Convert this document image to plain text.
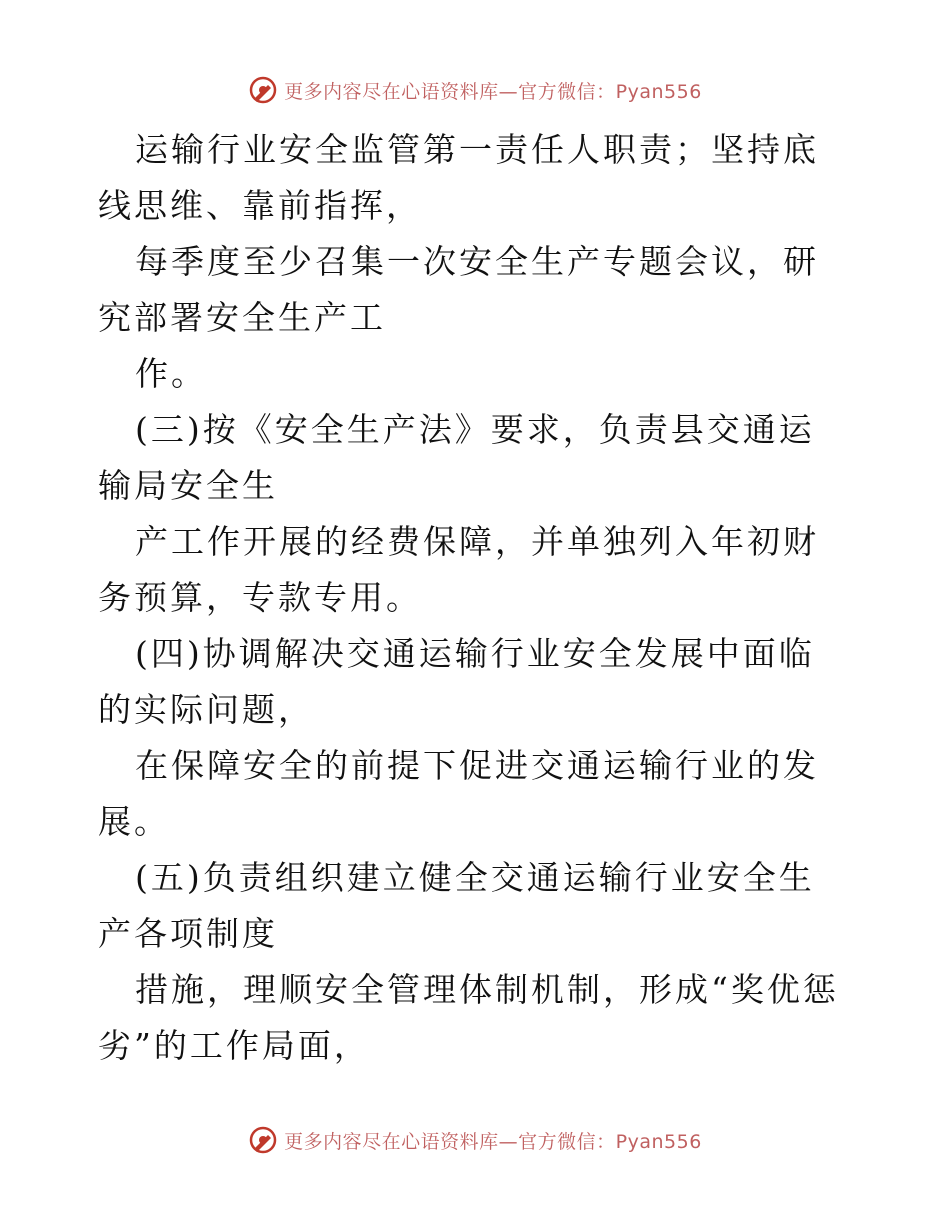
更多内容尽在心语资料库—官方微信：Pyan556

运输行业安全监管第一责任人职责；坚持底线思维、靠前指挥，

每季度至少召集一次安全生产专题会议，研究部署安全生产工

作。

(三)按《安全生产法》要求，负责县交通运输局安全生

产工作开展的经费保障，并单独列入年初财务预算，专款专用。

(四)协调解决交通运输行业安全发展中面临的实际问题，

在保障安全的前提下促进交通运输行业的发展。

(五)负责组织建立健全交通运输行业安全生产各项制度

措施，理顺安全管理体制机制，形成“奖优惩劣”的工作局面，

更多内容尽在心语资料库—官方微信：Pyan556
